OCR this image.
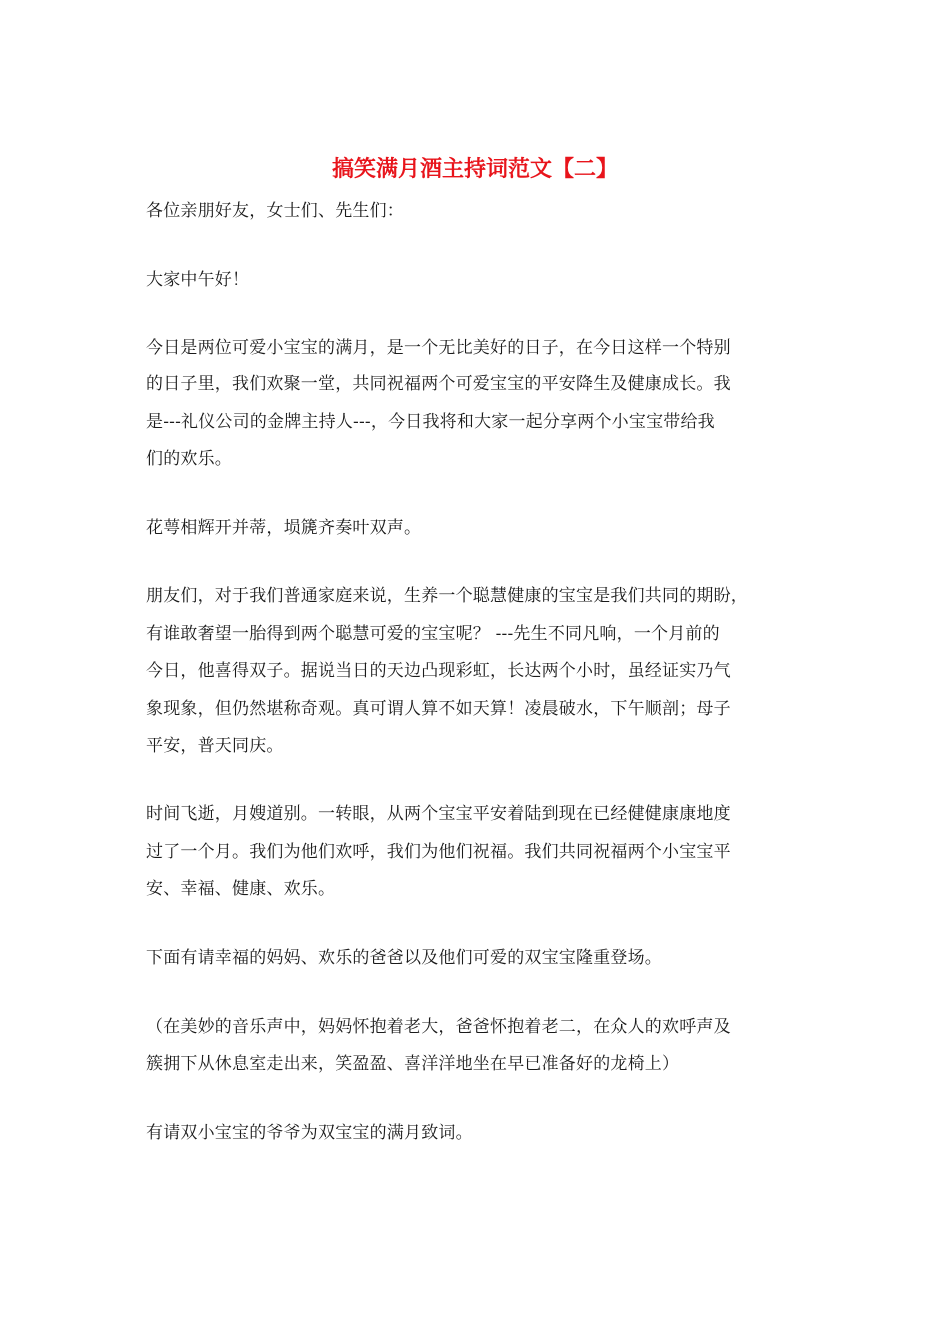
搞笑满月酒主持词范文【二】
各位亲朋好友，女士们、先生们：
大家中午好！
今日是两位可爱小宝宝的满月，是一个无比美好的日子，在今日这样一个特别
的日子里，我们欢聚一堂，共同祝福两个可爱宝宝的平安降生及健康成长。我
是---礼仪公司的金牌主持人---，今日我将和大家一起分享两个小宝宝带给我
们的欢乐。
花萼相辉开并蒂，埙篪齐奏叶双声。
朋友们，对于我们普通家庭来说，生养一个聪慧健康的宝宝是我们共同的期盼，
有谁敢奢望一胎得到两个聪慧可爱的宝宝呢？ ---先生不同凡响，一个月前的
今日，他喜得双子。据说当日的天边凸现彩虹，长达两个小时，虽经证实乃气
象现象，但仍然堪称奇观。真可谓人算不如天算！凌晨破水，下午顺剖；母子
平安，普天同庆。
时间飞逝，月嫂道别。一转眼，从两个宝宝平安着陆到现在已经健健康康地度
过了一个月。我们为他们欢呼，我们为他们祝福。我们共同祝福两个小宝宝平
安、幸福、健康、欢乐。
下面有请幸福的妈妈、欢乐的爸爸以及他们可爱的双宝宝隆重登场。
（在美妙的音乐声中，妈妈怀抱着老大，爸爸怀抱着老二，在众人的欢呼声及
簇拥下从休息室走出来，笑盈盈、喜洋洋地坐在早已准备好的龙椅上）
有请双小宝宝的爷爷为双宝宝的满月致词。
